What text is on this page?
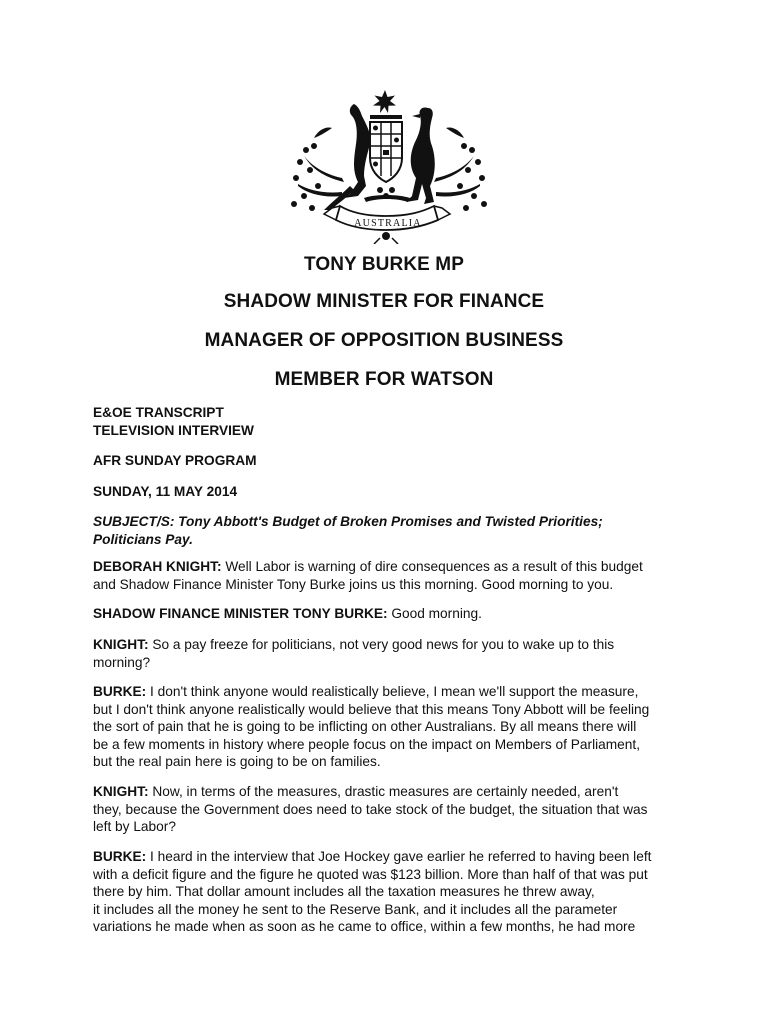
AUSTRALIA
TONY BURKE MP
SHADOW MINISTER FOR FINANCE
MANAGER OF OPPOSITION BUSINESS
MEMBER FOR WATSON
E&OE TRANSCRIPT
TELEVISION INTERVIEW
AFR SUNDAY PROGRAM
SUNDAY, 11 MAY 2014
SUBJECT/S: Tony Abbott's Budget of Broken Promises and Twisted Priorities;
Politicians Pay.
DEBORAH KNIGHT: Well Labor is warning of dire consequences as a result of this budget
and Shadow Finance Minister Tony Burke joins us this morning. Good morning to you.
SHADOW FINANCE MINISTER TONY BURKE: Good morning.
KNIGHT: So a pay freeze for politicians, not very good news for you to wake up to this
morning?
BURKE: I don't think anyone would realistically believe, I mean we'll support the measure,
but I don't think anyone realistically would believe that this means Tony Abbott will be feeling
the sort of pain that he is going to be inflicting on other Australians. By all means there will
be a few moments in history where people focus on the impact on Members of Parliament,
but the real pain here is going to be on families.
KNIGHT: Now, in terms of the measures, drastic measures are certainly needed, aren't
they, because the Government does need to take stock of the budget, the situation that was
left by Labor?
BURKE: I heard in the interview that Joe Hockey gave earlier he referred to having been left
with a deficit figure and the figure he quoted was $123 billion. More than half of that was put
there by him. That dollar amount includes all the taxation measures he threw away,
it includes all the money he sent to the Reserve Bank, and it includes all the parameter
variations he made when as soon as he came to office, within a few months, he had more
